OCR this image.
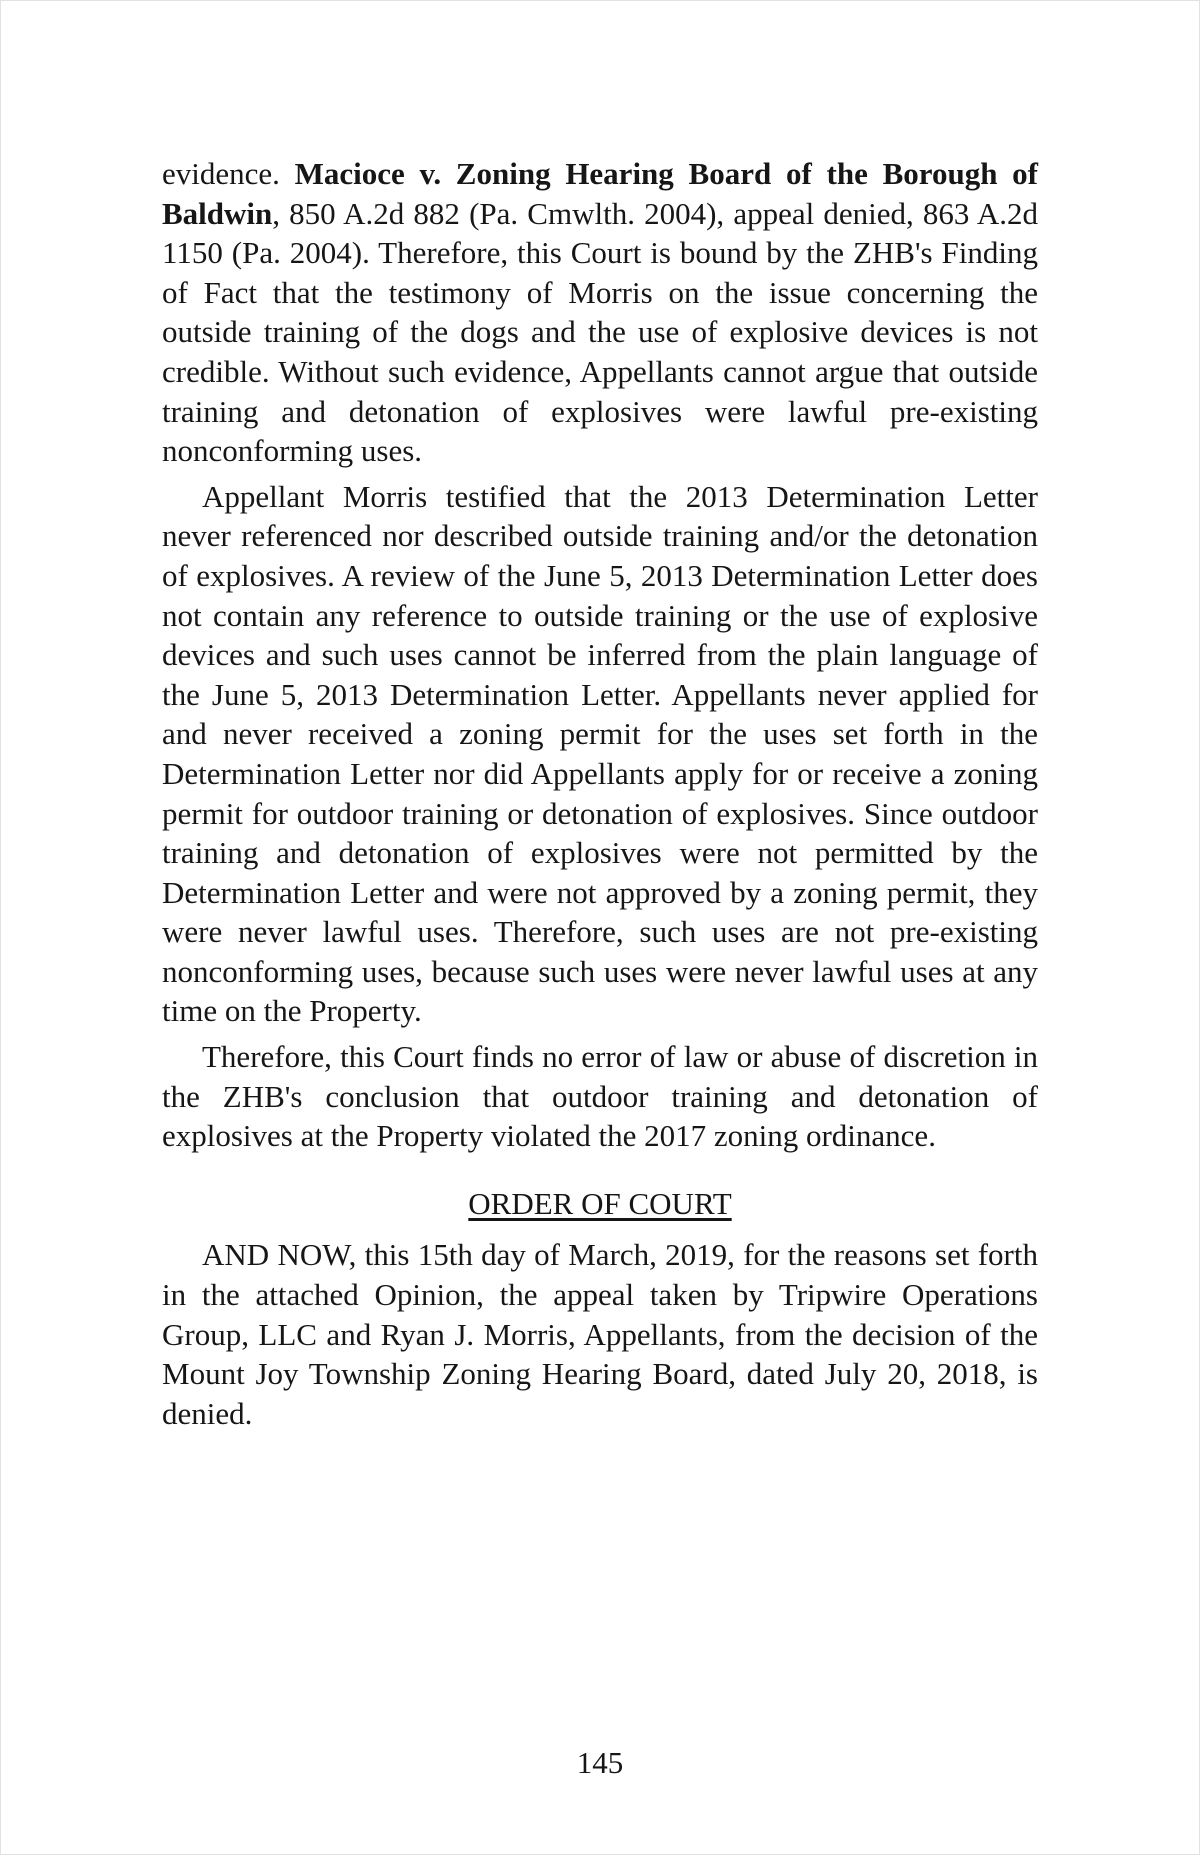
evidence. Macioce v. Zoning Hearing Board of the Borough of Baldwin, 850 A.2d 882 (Pa. Cmwlth. 2004), appeal denied, 863 A.2d 1150 (Pa. 2004). Therefore, this Court is bound by the ZHB's Finding of Fact that the testimony of Morris on the issue concerning the outside training of the dogs and the use of explosive devices is not credible. Without such evidence, Appellants cannot argue that outside training and detonation of explosives were lawful pre-existing nonconforming uses.

Appellant Morris testified that the 2013 Determination Letter never referenced nor described outside training and/or the detonation of explosives. A review of the June 5, 2013 Determination Letter does not contain any reference to outside training or the use of explosive devices and such uses cannot be inferred from the plain language of the June 5, 2013 Determination Letter. Appellants never applied for and never received a zoning permit for the uses set forth in the Determination Letter nor did Appellants apply for or receive a zoning permit for outdoor training or detonation of explosives. Since outdoor training and detonation of explosives were not permitted by the Determination Letter and were not approved by a zoning permit, they were never lawful uses. Therefore, such uses are not pre-existing nonconforming uses, because such uses were never lawful uses at any time on the Property.

Therefore, this Court finds no error of law or abuse of discretion in the ZHB's conclusion that outdoor training and detonation of explosives at the Property violated the 2017 zoning ordinance.

ORDER OF COURT

AND NOW, this 15th day of March, 2019, for the reasons set forth in the attached Opinion, the appeal taken by Tripwire Operations Group, LLC and Ryan J. Morris, Appellants, from the decision of the Mount Joy Township Zoning Hearing Board, dated July 20, 2018, is denied.

145
